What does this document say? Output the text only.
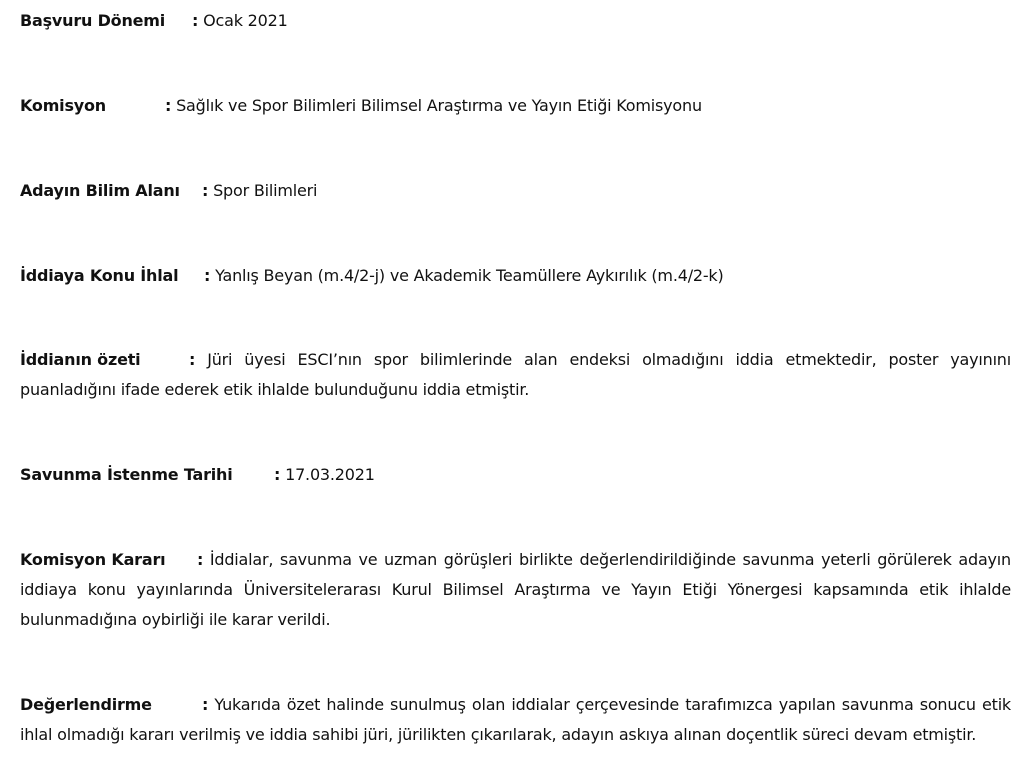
Başvuru Dönemi : Ocak 2021
Komisyon	: Sağlık ve Spor Bilimleri Bilimsel Araştırma ve Yayın Etiği Komisyonu
Adayın Bilim Alanı : Spor Bilimleri
İddiaya Konu İhlal : Yanlış Beyan (m.4/2-j) ve Akademik Teamüllere Aykırılık (m.4/2-k)
İddianın özeti	: Jüri üyesi ESCI’nın spor bilimlerinde alan endeksi olmadığını iddia etmektedir, poster yayınını puanladığını ifade ederek etik ihlalde bulunduğunu iddia etmiştir.
Savunma İstenme Tarihi	: 17.03.2021
Komisyon Kararı : İddialar, savunma ve uzman görüşleri birlikte değerlendirildiğinde savunma yeterli görülerek adayın iddiaya konu yayınlarında Üniversitelerarası Kurul Bilimsel Araştırma ve Yayın Etiği Yönergesi kapsamında etik ihlalde bulunmadığına oybirliği ile karar verildi.
Değerlendirme	: Yukarıda özet halinde sunulmuş olan iddialar çerçevesinde tarafımızca yapılan savunma sonucu etik ihlal olmadığı kararı verilmiş ve iddia sahibi jüri, jürilikten çıkarılarak, adayın askıya alınan doçentlik süreci devam etmiştir.
